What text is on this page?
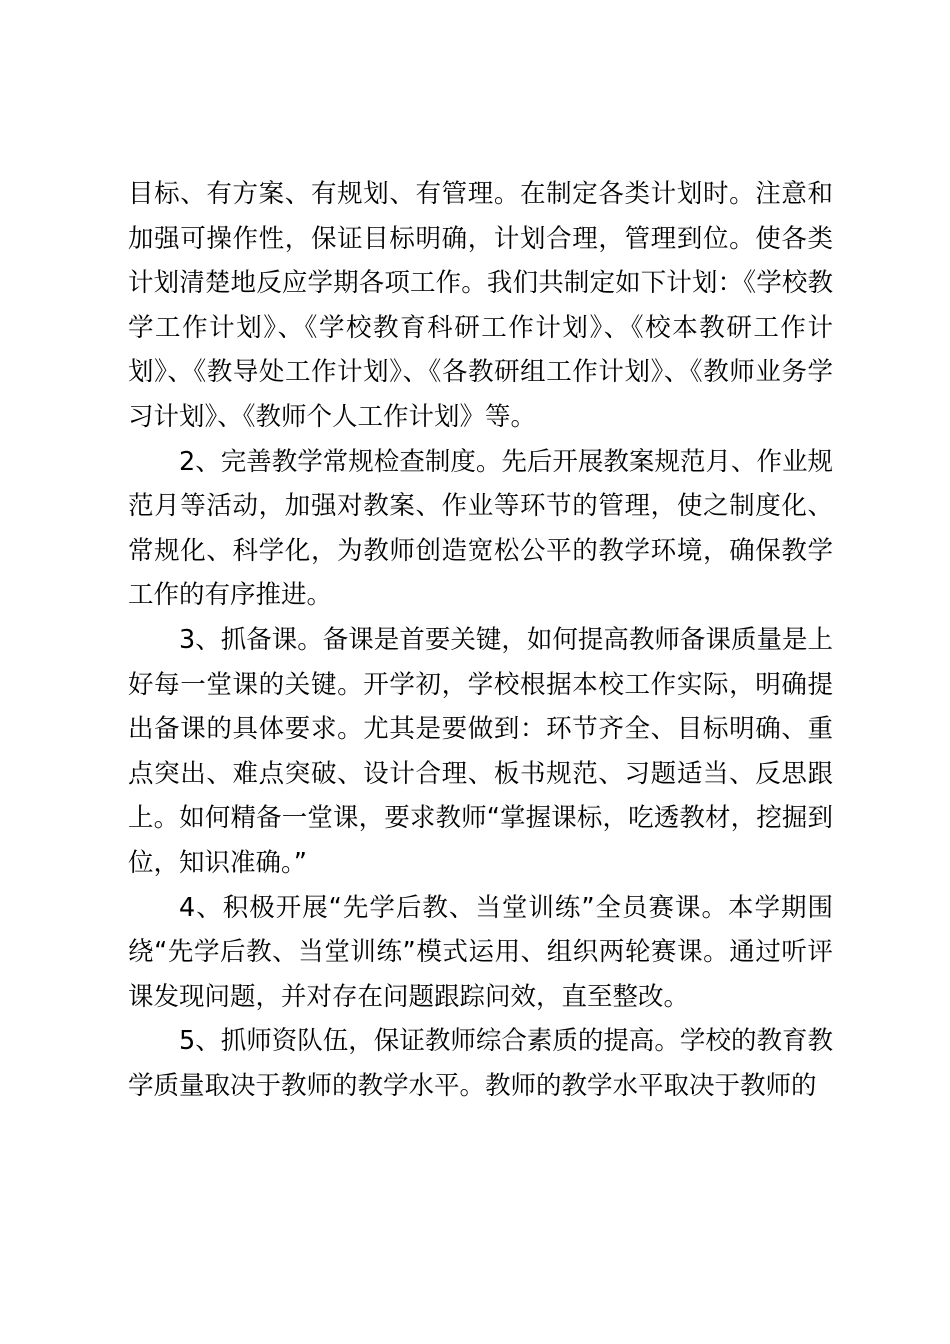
目标、有方案、有规划、有管理。在制定各类计划时。注意和加强可操作性，保证目标明确，计划合理，管理到位。使各类计划清楚地反应学期各项工作。我们共制定如下计划：《学校教学工作计划》、《学校教育科研工作计划》、《校本教研工作计划》、《教导处工作计划》、《各教研组工作计划》、《教师业务学习计划》、《教师个人工作计划》等。

2、完善教学常规检查制度。先后开展教案规范月、作业规范月等活动，加强对教案、作业等环节的管理，使之制度化、常规化、科学化，为教师创造宽松公平的教学环境，确保教学工作的有序推进。

3、抓备课。备课是首要关键，如何提高教师备课质量是上好每一堂课的关键。开学初，学校根据本校工作实际，明确提出备课的具体要求。尤其是要做到：环节齐全、目标明确、重点突出、难点突破、设计合理、板书规范、习题适当、反思跟上。如何精备一堂课，要求教师“掌握课标，吃透教材，挖掘到位，知识准确。”

4、积极开展“先学后教、当堂训练”全员赛课。本学期围绕“先学后教、当堂训练”模式运用、组织两轮赛课。通过听评课发现问题，并对存在问题跟踪问效，直至整改。

5、抓师资队伍，保证教师综合素质的提高。学校的教育教学质量取决于教师的教学水平。教师的教学水平取决于教师的
